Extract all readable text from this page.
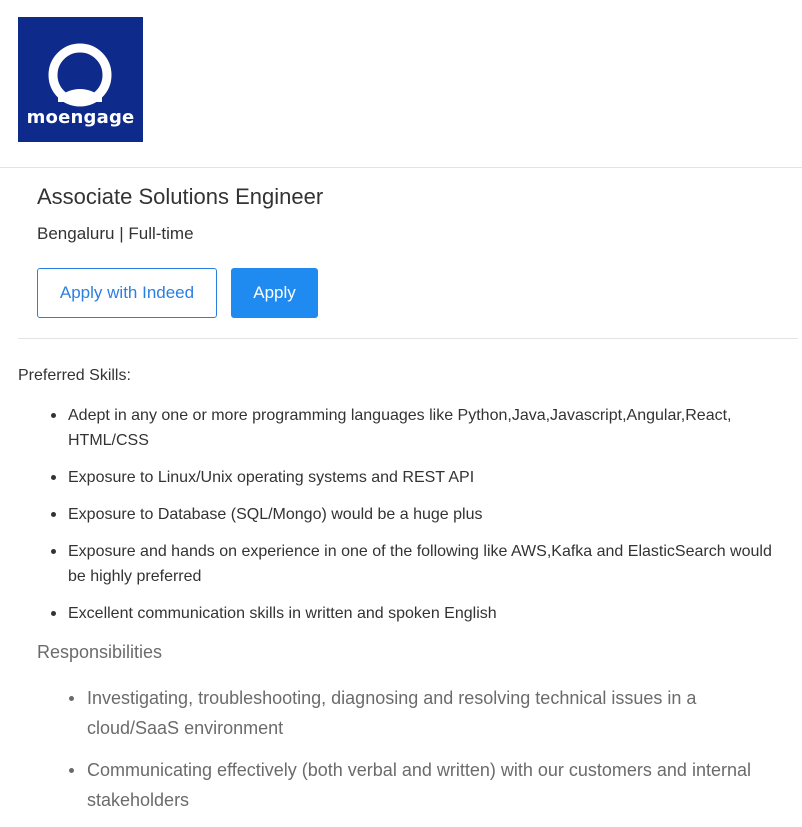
moengage
Associate Solutions Engineer
Bengaluru | Full-time
Apply with Indeed	Apply
Preferred Skills:
Adept in any one or more programming languages like Python,Java,Javascript,Angular,React, HTML/CSS
Exposure to Linux/Unix operating systems and REST API
Exposure to Database (SQL/Mongo) would be a huge plus
Exposure and hands on experience in one of the following like AWS,Kafka and ElasticSearch would be highly preferred
Excellent communication skills in written and spoken English
Responsibilities
Investigating, troubleshooting, diagnosing and resolving technical issues in a cloud/SaaS environment
Communicating effectively (both verbal and written) with our customers and internal stakeholders
